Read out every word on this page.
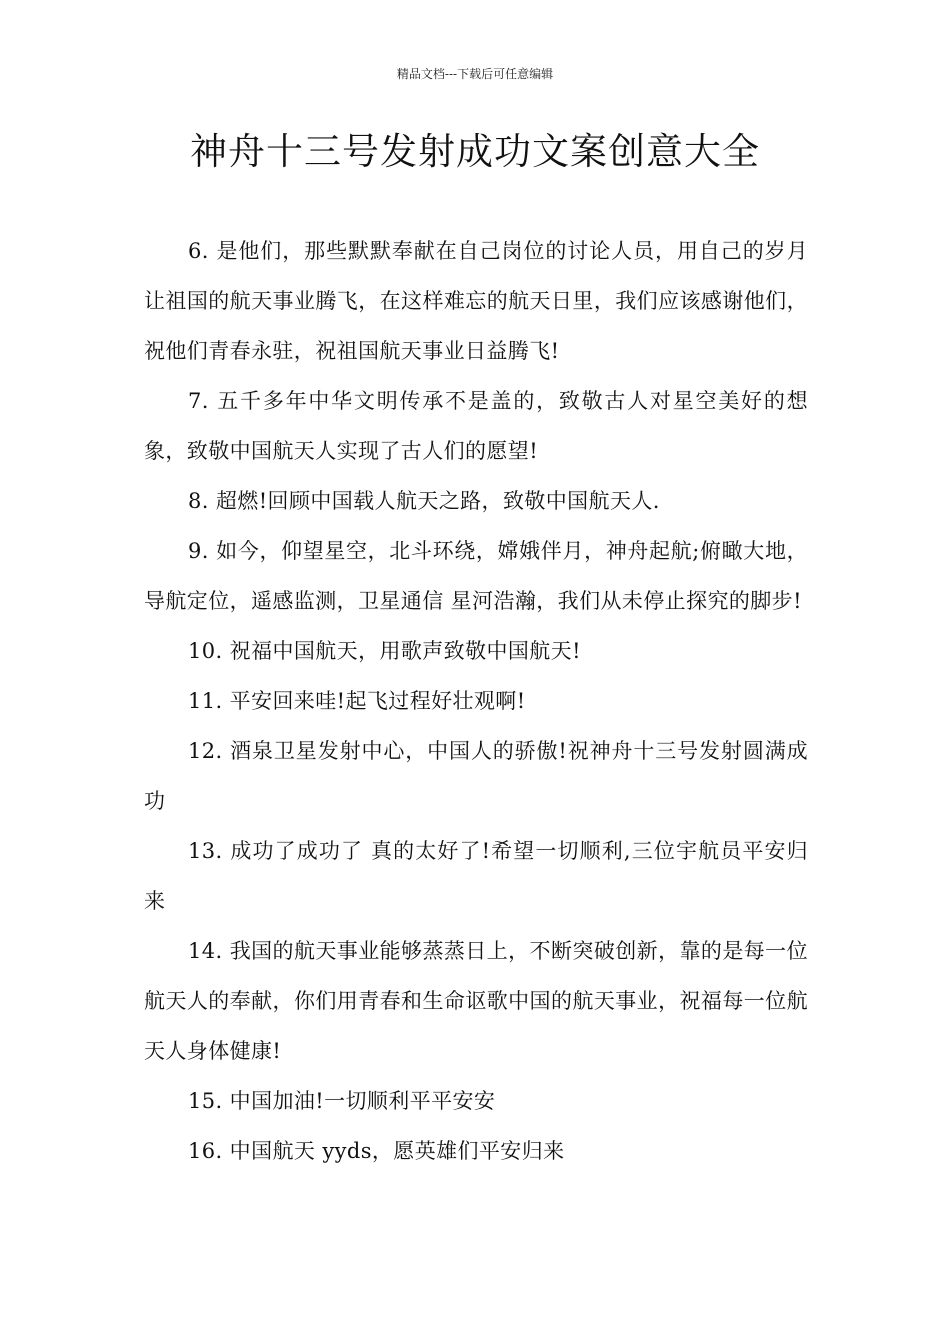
精品文档---下载后可任意编辑
神舟十三号发射成功文案创意大全

6. 是他们，那些默默奉献在自己岗位的讨论人员，用自己的岁月让祖国的航天事业腾飞，在这样难忘的航天日里，我们应该感谢他们，祝他们青春永驻，祝祖国航天事业日益腾飞!

7. 五千多年中华文明传承不是盖的，致敬古人对星空美好的想象，致敬中国航天人实现了古人们的愿望!

8. 超燃!回顾中国载人航天之路，致敬中国航天人.

9. 如今，仰望星空，北斗环绕，嫦娥伴月，神舟起航;俯瞰大地，导航定位，遥感监测，卫星通信 星河浩瀚，我们从未停止探究的脚步!

10. 祝福中国航天，用歌声致敬中国航天!

11. 平安回来哇!起飞过程好壮观啊!

12. 酒泉卫星发射中心，中国人的骄傲!祝神舟十三号发射圆满成功

13. 成功了成功了 真的太好了!希望一切顺利,三位宇航员平安归来

14. 我国的航天事业能够蒸蒸日上，不断突破创新，靠的是每一位航天人的奉献，你们用青春和生命讴歌中国的航天事业，祝福每一位航天人身体健康!

15. 中国加油!一切顺利平平安安

16. 中国航天 yyds，愿英雄们平安归来
